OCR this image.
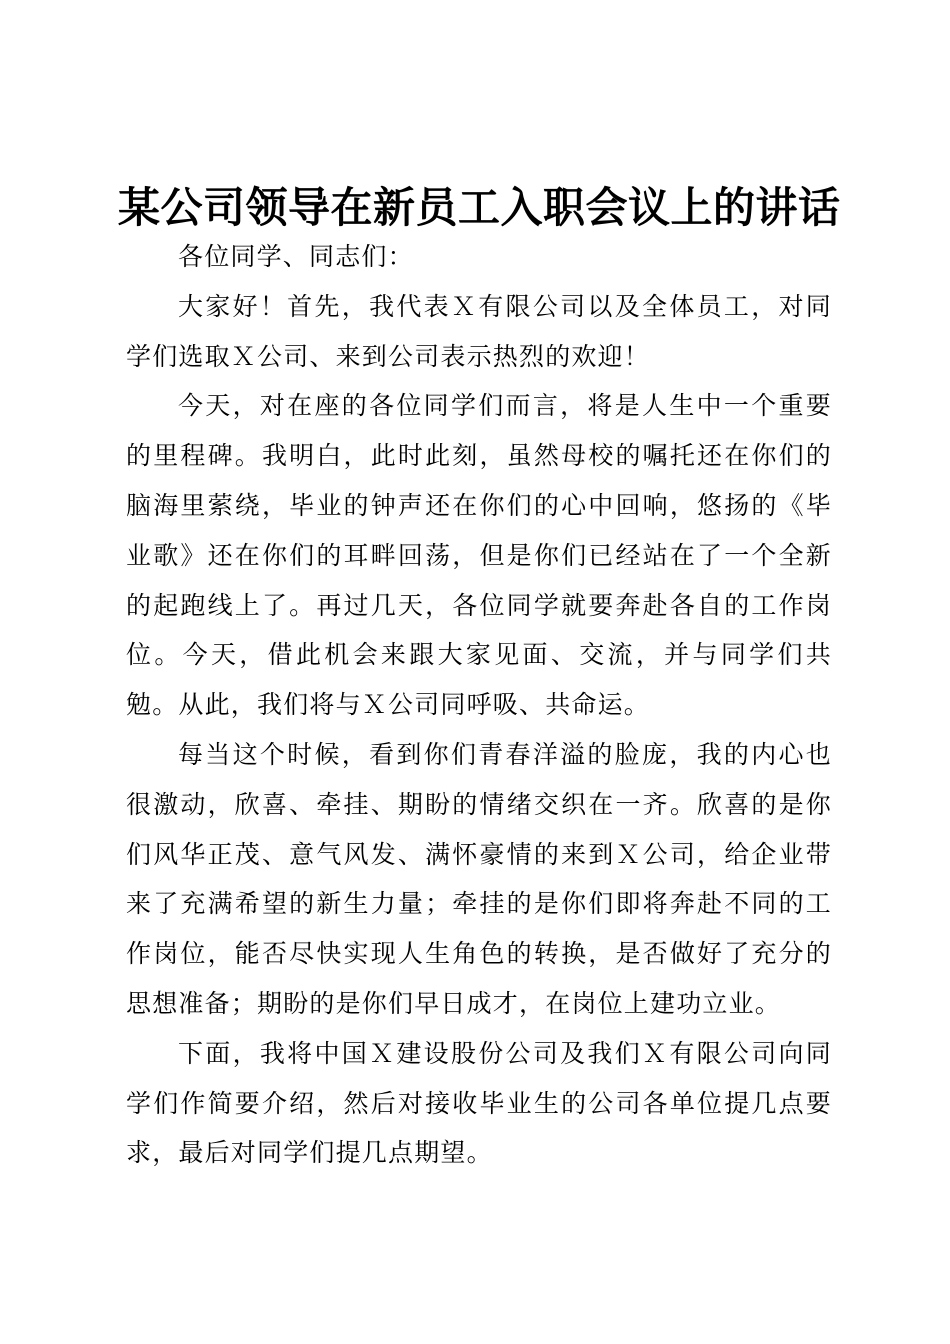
某公司领导在新员工入职会议上的讲话

各位同学、同志们：

大家好！首先，我代表Ｘ有限公司以及全体员工，对同学们选取Ｘ公司、来到公司表示热烈的欢迎！

今天，对在座的各位同学们而言，将是人生中一个重要的里程碑。我明白，此时此刻，虽然母校的嘱托还在你们的脑海里萦绕，毕业的钟声还在你们的心中回响，悠扬的《毕业歌》还在你们的耳畔回荡，但是你们已经站在了一个全新的起跑线上了。再过几天，各位同学就要奔赴各自的工作岗位。今天，借此机会来跟大家见面、交流，并与同学们共勉。从此，我们将与Ｘ公司同呼吸、共命运。

每当这个时候，看到你们青春洋溢的脸庞，我的内心也很激动，欣喜、牵挂、期盼的情绪交织在一齐。欣喜的是你们风华正茂、意气风发、满怀豪情的来到Ｘ公司，给企业带来了充满希望的新生力量；牵挂的是你们即将奔赴不同的工作岗位，能否尽快实现人生角色的转换，是否做好了充分的思想准备；期盼的是你们早日成才，在岗位上建功立业。

下面，我将中国Ｘ建设股份公司及我们Ｘ有限公司向同学们作简要介绍，然后对接收毕业生的公司各单位提几点要求，最后对同学们提几点期望。
